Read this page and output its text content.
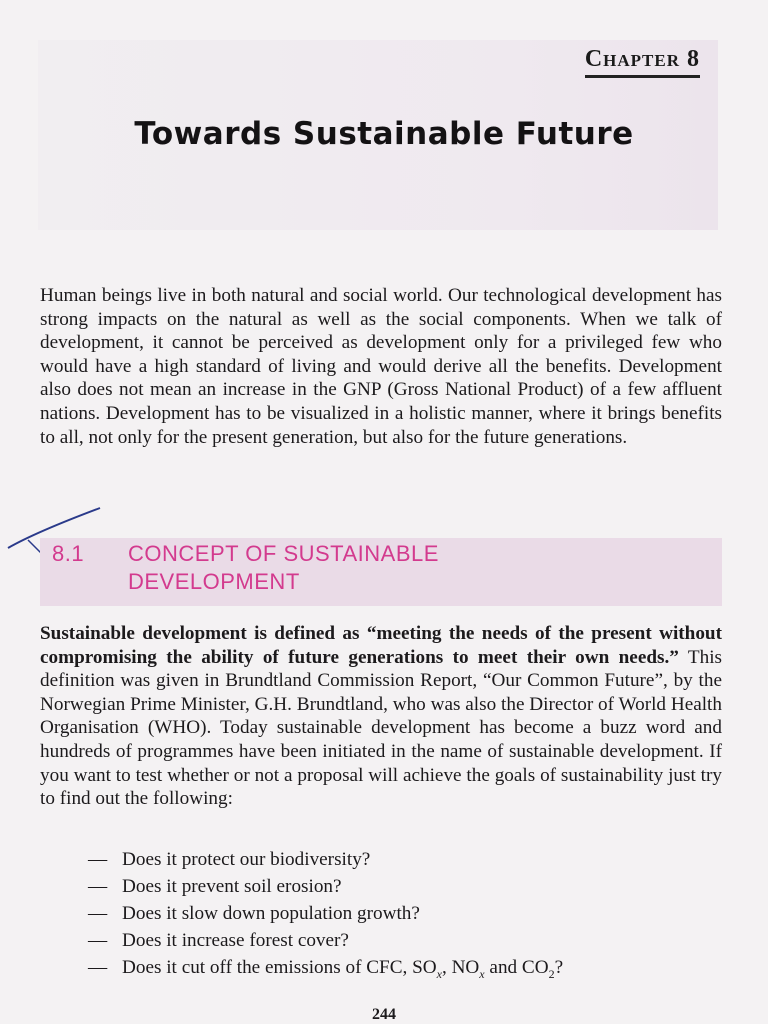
Chapter 8
Towards Sustainable Future

Human beings live in both natural and social world. Our technological development has strong impacts on the natural as well as the social components. When we talk of development, it cannot be perceived as development only for a privileged few who would have a high standard of living and would derive all the benefits. Development also does not mean an increase in the GNP (Gross National Product) of a few affluent nations. Development has to be visualized in a holistic manner, where it brings benefits to all, not only for the present generation, but also for the future generations.

8.1 CONCEPT OF SUSTAINABLE
DEVELOPMENT

Sustainable development is defined as “meeting the needs of the present without compromising the ability of future generations to meet their own needs.” This definition was given in Brundtland Commission Report, “Our Common Future”, by the Norwegian Prime Minister, G.H. Brundtland, who was also the Director of World Health Organisation (WHO). Today sustainable development has become a buzz word and hundreds of programmes have been initiated in the name of sustainable development. If you want to test whether or not a proposal will achieve the goals of sustainability just try to find out the following:

— Does it protect our biodiversity?
— Does it prevent soil erosion?
— Does it slow down population growth?
— Does it increase forest cover?
— Does it cut off the emissions of CFC, $SO_x$, $NO_x$ and $CO_2$?
244
